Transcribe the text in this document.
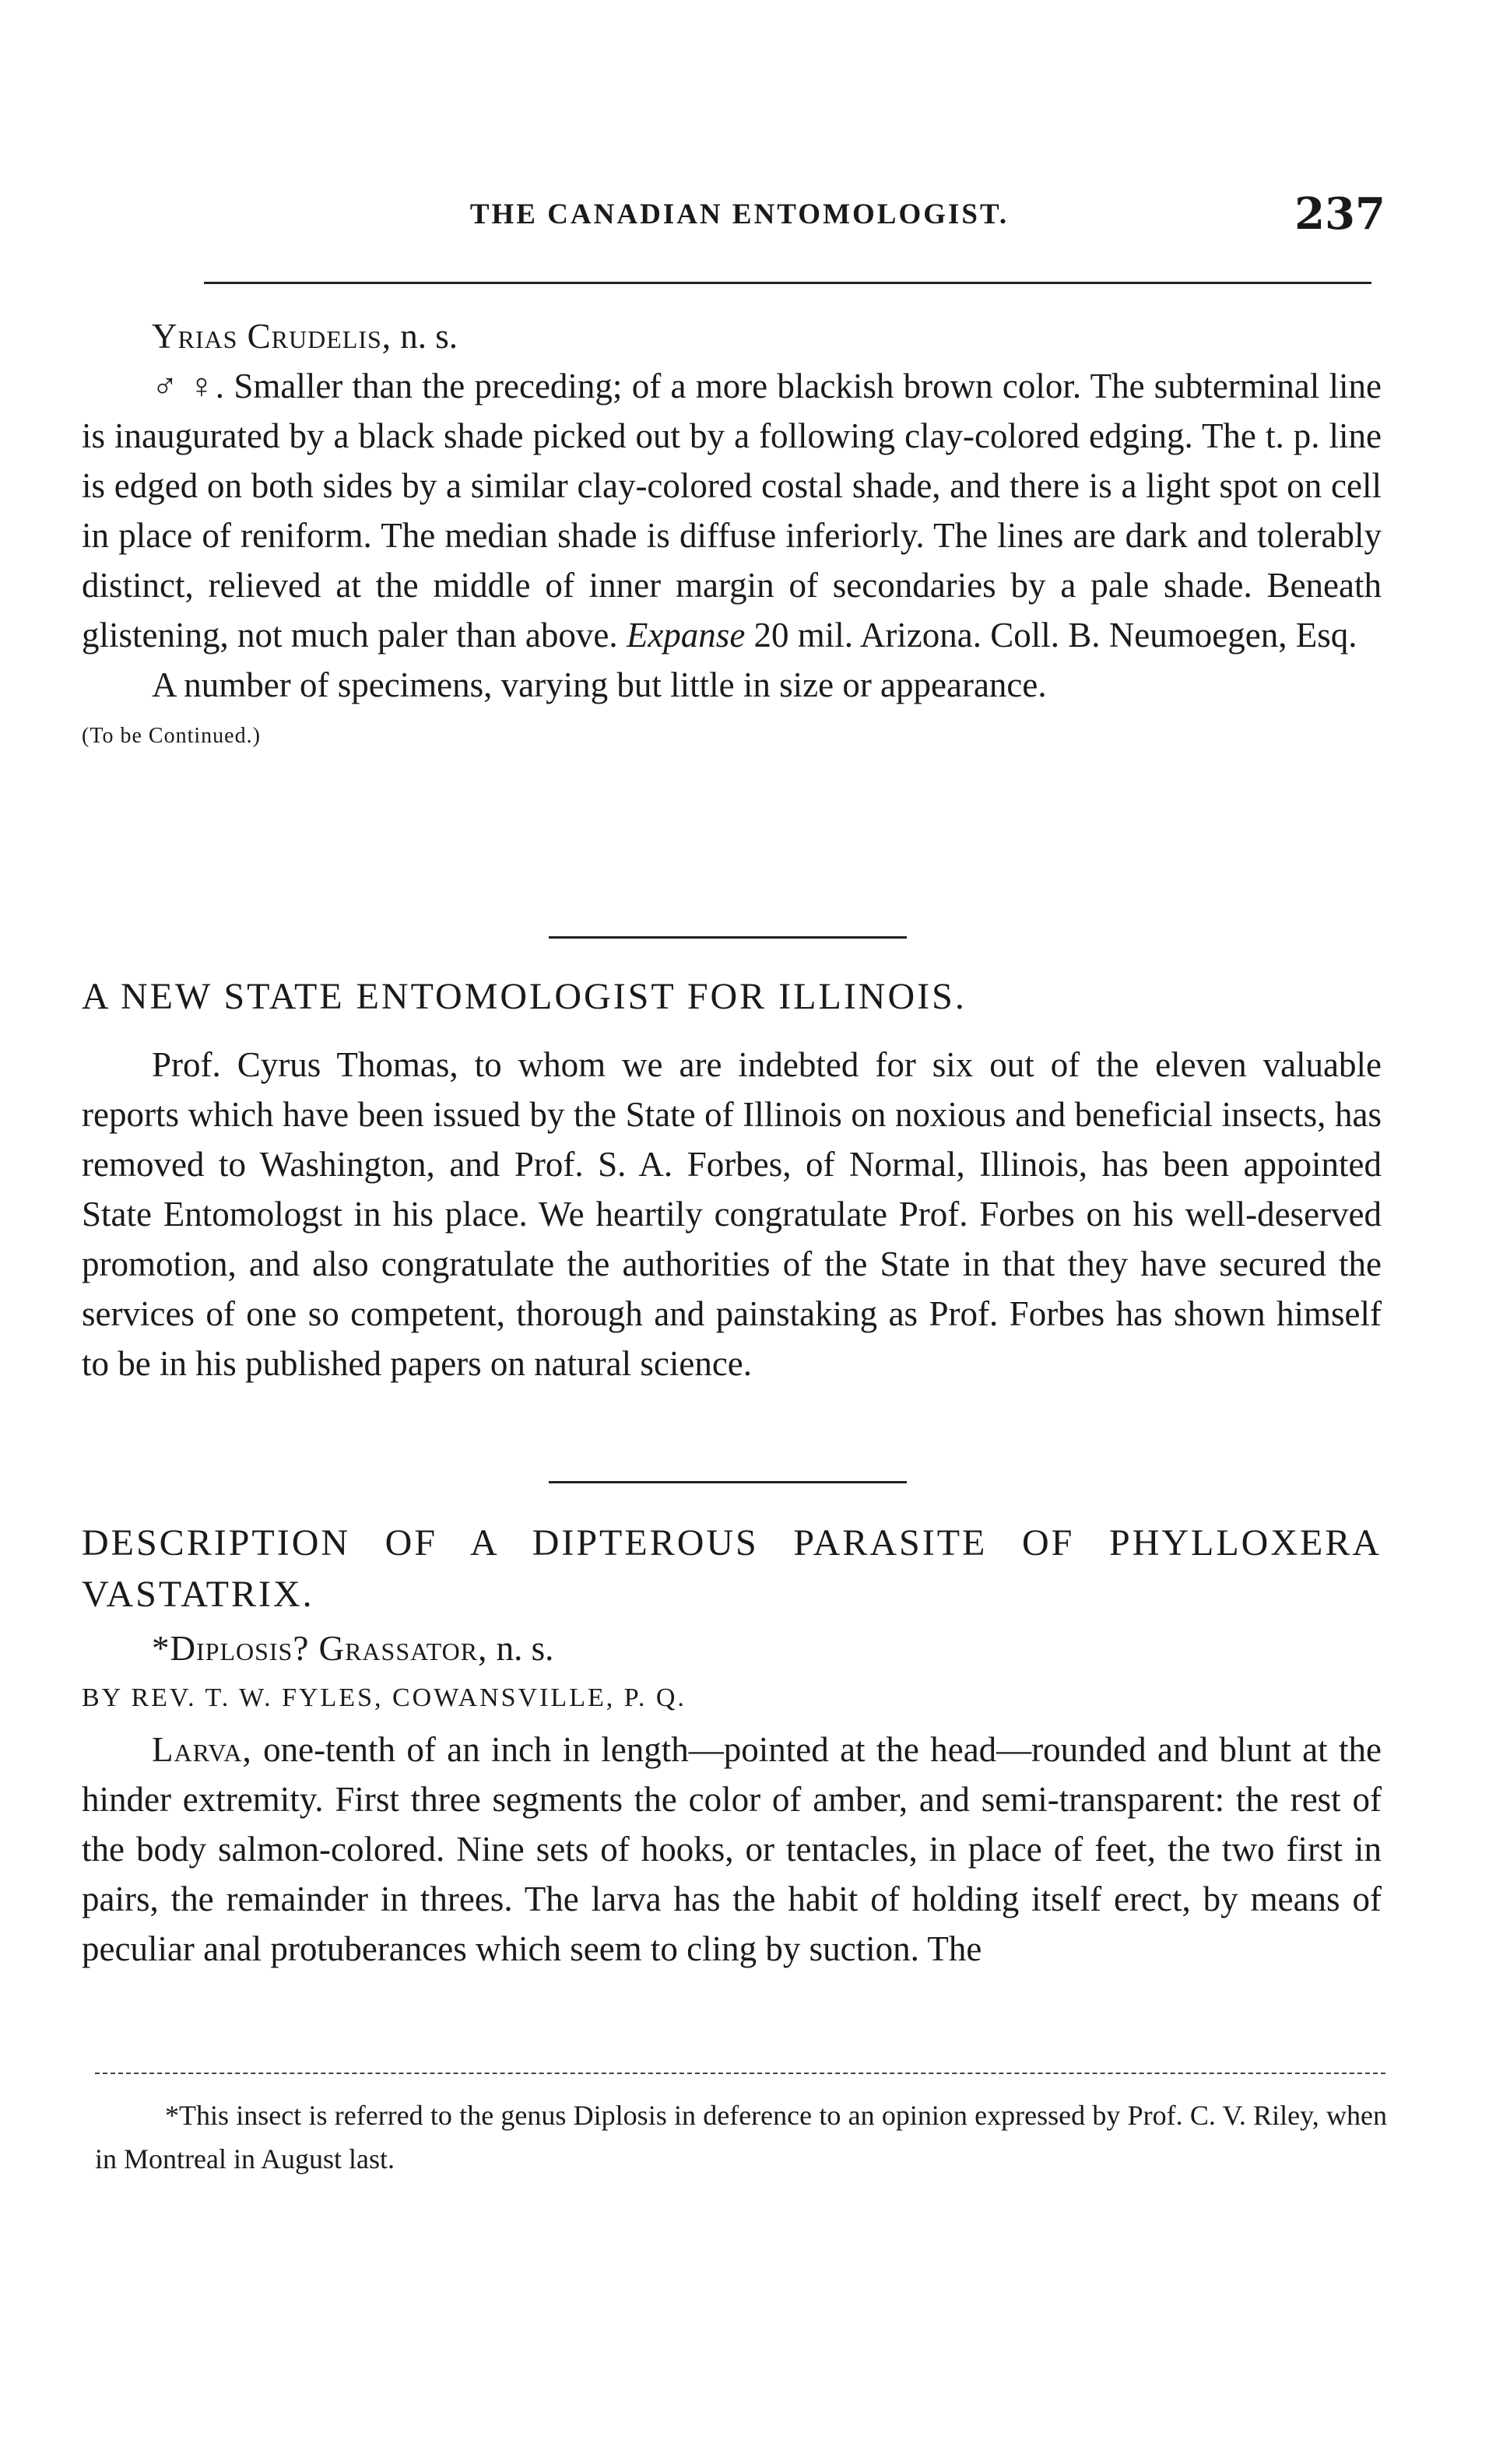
THE CANADIAN ENTOMOLOGIST.	237

Yrias Crudelis, n. s.

♂ ♀. Smaller than the preceding; of a more blackish brown color. The subterminal line is inaugurated by a black shade picked out by a following clay-colored edging. The t. p. line is edged on both sides by a similar clay-colored costal shade, and there is a light spot on cell in place of reniform. The median shade is diffuse inferiorly. The lines are dark and tolerably distinct, relieved at the middle of inner margin of secondaries by a pale shade. Beneath glistening, not much paler than above. Expanse 20 mil. Arizona. Coll. B. Neumoegen, Esq.

A number of specimens, varying but little in size or appearance.

(To be Continued.)

A NEW STATE ENTOMOLOGIST FOR ILLINOIS.

Prof. Cyrus Thomas, to whom we are indebted for six out of the eleven valuable reports which have been issued by the State of Illinois on noxious and beneficial insects, has removed to Washington, and Prof. S. A. Forbes, of Normal, Illinois, has been appointed State Entomologst in his place. We heartily congratulate Prof. Forbes on his well-deserved promotion, and also congratulate the authorities of the State in that they have secured the services of one so competent, thorough and painstaking as Prof. Forbes has shown himself to be in his published papers on natural science.

DESCRIPTION OF A DIPTEROUS PARASITE OF PHYLLOXERA VASTATRIX.

*Diplosis? Grassator, n. s.

BY REV. T. W. FYLES, COWANSVILLE, P. Q.

Larva, one-tenth of an inch in length—pointed at the head—rounded and blunt at the hinder extremity. First three segments the color of amber, and semi-transparent: the rest of the body salmon-colored. Nine sets of hooks, or tentacles, in place of feet, the two first in pairs, the remainder in threes. The larva has the habit of holding itself erect, by means of peculiar anal protuberances which seem to cling by suction. The

*This insect is referred to the genus Diplosis in deference to an opinion expressed by Prof. C. V. Riley, when in Montreal in August last.
